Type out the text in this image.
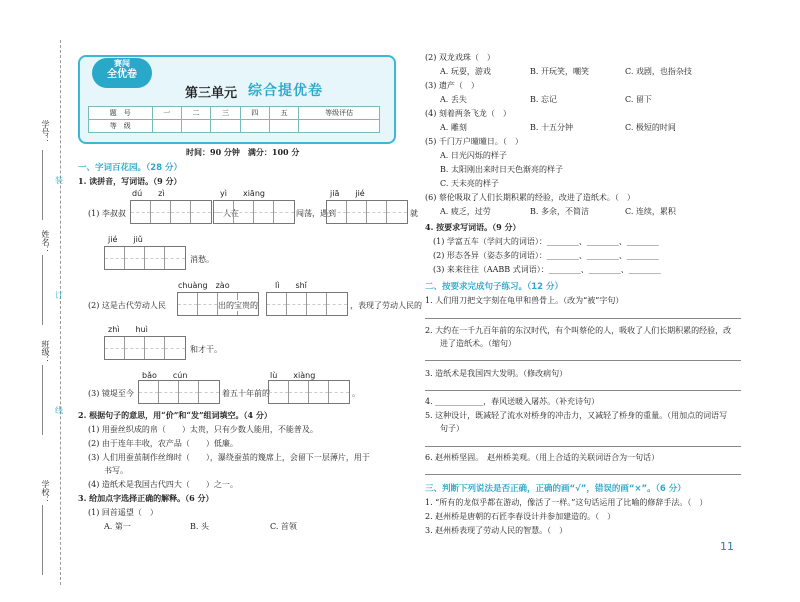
学号：
装
姓名：
订
班级：
线
学校：
赛闯
全优卷
第三单元 综合提优卷
题　号	一	二	三	四	五	等级评估
等　级						
时间：90 分钟　满分：100 分
一、字词百花园。（28 分）
1. 读拼音，写词语。（9 分）
dú　　zì	yì　　xiāng	jiā　　jié
(1) 李叔叔	一人在	闯荡，遇到	就
jié　　jiǔ
消愁。
chuàng　zào	lì　　shǐ
(2) 这是古代劳动人民	出的宝贵的	，表现了劳动人民的
zhì　　huì
和才干。
bǎo　　cún	lù　　xiàng
(3) 镜堤至今	着五十年前的	。
2. 根据句子的意思，用“价”和“发”组词填空。（4 分）
(1) 用蚕丝织成的帛（　　）太贵，只有少数人能用，不能普及。
(2) 由于连年丰收，农产品（　　）低廉。
(3) 人们用蚕茧制作丝绵时（　　），瀑绕蚕茧的篾席上，会留下一层薄片，用于
书写。
(4) 造纸术是我国古代四大（　　）之一。
3. 给加点字选择正确的解释。（6 分）
(1) 回首遥望（　）
A. 第一	B. 头	C. 首领
(2) 双龙戏珠（　）
A. 玩耍，游戏	B. 开玩笑，嘲笑	C. 戏剧，也指杂技
(3) 遗产（　）
A. 丢失	B. 忘记	C. 留下
(4) 刻着两条飞龙（　）
A. 雕刻	B. 十五分钟	C. 极短的时间
(5) 千门万户曈曈日。（　）
A. 日光闪烁的样子
B. 太阳刚出来时日天色渐亮的样子
C. 天未亮的样子
(6) 蔡伦吸取了人们长期积累的经验，改进了造纸术。（　）
A. 疲乏，过劳	B. 多余，不简洁	C. 连续，累积
4. 按要求写词语。（9 分）
(1) 学富五车（学问大的词语）：________、________、________
(2) 形态各异（姿态多的词语）：________、________、________
(3) 来来往往（AABB 式词语）：________、________、________
二、按要求完成句子练习。（12 分）
1. 人们用刀把文字刻在龟甲和兽骨上。（改为“被”字句）
2. 大约在一千九百年前的东汉时代，有个叫蔡伦的人，吸收了人们长期积累的经验，改
进了造纸术。（缩句）
3. 造纸术是我国四大发明。（修改病句）
4. ____________，春风送暖入屠苏。（补充诗句）
5. 这种设计，既减轻了流水对桥身的冲击力，又减轻了桥身的重量。（用加点的词语写
句子）
6. 赵州桥坚固。　赵州桥美观。（用上合适的关联词语合为一句话）
三、判断下列说法是否正确，正确的画“√”，错误的画“×”。（6 分）
1. “所有的龙似乎都在游动，像活了一样。”这句话运用了比喻的修辞手法。（　）
2. 赵州桥是唐朝的石匠李春设计并参加建造的。（　）
3. 赵州桥表现了劳动人民的智慧。（　）
11
